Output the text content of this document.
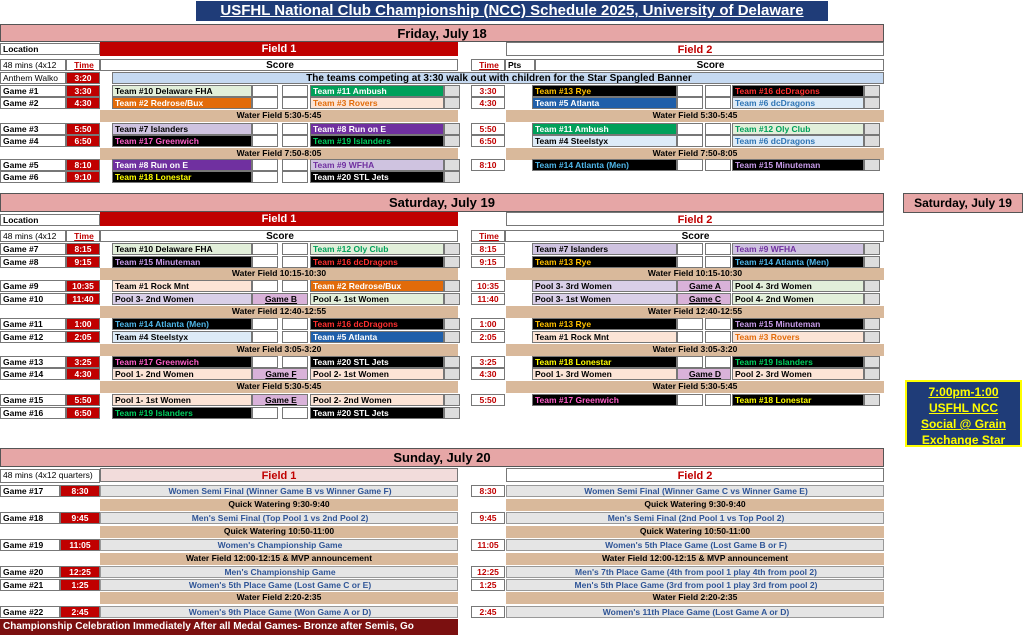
USFHL National Club Championship (NCC) Schedule 2025, University of Delaware
Friday, July 18
Location	Field 1	Field 2
48 mins (4x12	Time	Score	Time	Pts	Score
Anthem Walko	3:20	The teams competing at 3:30 walk out with children for the Star Spangled Banner
Game #1	3:30	Team #10 Delaware FHA	Team #11 Ambush	3:30	Team #13 Rye	Team #16 dcDragons
Game #2	4:30	Team #2 Redrose/Bux	Team #3 Rovers	4:30	Team #5 Atlanta	Team #6 dcDragons
Water Field 5:30-5:45	Water Field 5:30-5:45
Game #3	5:50	Team #7 Islanders	Team #8 Run on E	5:50	Team #11 Ambush	Team #12 Oly Club
Game #4	6:50	Team #17 Greenwich	Team #19 Islanders	6:50	Team #4 Steelstyx	Team #6 dcDragons
Water Field 7:50-8:05	Water Field 7:50-8:05
Game #5	8:10	Team #8 Run on E	Team #9 WFHA	8:10	Team #14 Atlanta (Men)	Team #15 Minuteman
Game #6	9:10	Team #18 Lonestar	Team #20 STL Jets
Saturday, July 19	Saturday, July 19
Location	Field 1	Field 2
48 mins (4x12	Time	Score	Time	Score
Game #7	8:15	Team #10 Delaware FHA	Team #12 Oly Club	8:15	Team #7 Islanders	Team #9 WFHA
Game #8	9:15	Team #15 Minuteman	Team #16 dcDragons	9:15	Team #13 Rye	Team #14 Atlanta (Men)
Water Field 10:15-10:30	Water Field 10:15-10:30
Game #9	10:35	Team #1 Rock Mnt	Team #2 Redrose/Bux	10:35	Pool 3- 3rd Women	Game A	Pool 4- 3rd Women
Game #10	11:40	Pool 3- 2nd Women	Game B	Pool 4- 1st Women	11:40	Pool 3- 1st Women	Game C	Pool 4- 2nd Women
Water Field 12:40-12:55	Water Field 12:40-12:55
Game #11	1:00	Team #14 Atlanta (Men)	Team #16 dcDragons	1:00	Team #13 Rye	Team #15 Minuteman
Game #12	2:05	Team #4 Steelstyx	Team #5 Atlanta	2:05	Team #1 Rock Mnt	Team #3 Rovers
Water Field 3:05-3:20	Water Field 3:05-3:20
Game #13	3:25	Team #17 Greenwich	Team #20 STL Jets	3:25	Team #18 Lonestar	Team #19 Islanders
Game #14	4:30	Pool 1- 2nd Women	Game F	Pool 2- 1st Women	4:30	Pool 1- 3rd Women	Game D	Pool 2- 3rd Women
Water Field 5:30-5:45	Water Field 5:30-5:45
Game #15	5:50	Pool 1- 1st Women	Game E	Pool 2- 2nd Women	5:50	Team #17 Greenwich	Team #18 Lonestar
Game #16	6:50	Team #19 Islanders	Team #20 STL Jets
7:00pm-1:00
USFHL NCC
Social @ Grain
Exchange Star
Sunday, July 20
48 mins (4x12 quarters)	Field 1	Field 2
Game #17	8:30	Women Semi Final (Winner Game B vs Winner Game F)	8:30	Women Semi Final (Winner Game C vs Winner Game E)
Quick Watering 9:30-9:40	Quick Watering 9:30-9:40
Game #18	9:45	Men's Semi Final (Top Pool 1 vs 2nd Pool 2)	9:45	Men's Semi Final (2nd Pool 1 vs Top Pool 2)
Quick Watering 10:50-11:00	Quick Watering 10:50-11:00
Game #19	11:05	Women's Championship Game	11:05	Women's 5th Place Game (Lost Game B or F)
Water Field 12:00-12:15 & MVP announcement	Water Field 12:00-12:15 & MVP announcement
Game #20	12:25	Men's Championship Game	12:25	Men's 7th Place Game (4th from pool 1 play 4th from pool 2)
Game #21	1:25	Women's 5th Place Game (Lost Game C or E)	1:25	Men's 5th Place Game (3rd from pool 1 play 3rd from pool 2)
Water Field 2:20-2:35	Water Field 2:20-2:35
Game #22	2:45	Women's 9th Place Game (Won Game A or D)	2:45	Women's 11th Place Game (Lost Game A or D)
Championship Celebration Immediately After all Medal Games- Bronze after Semis, Go
